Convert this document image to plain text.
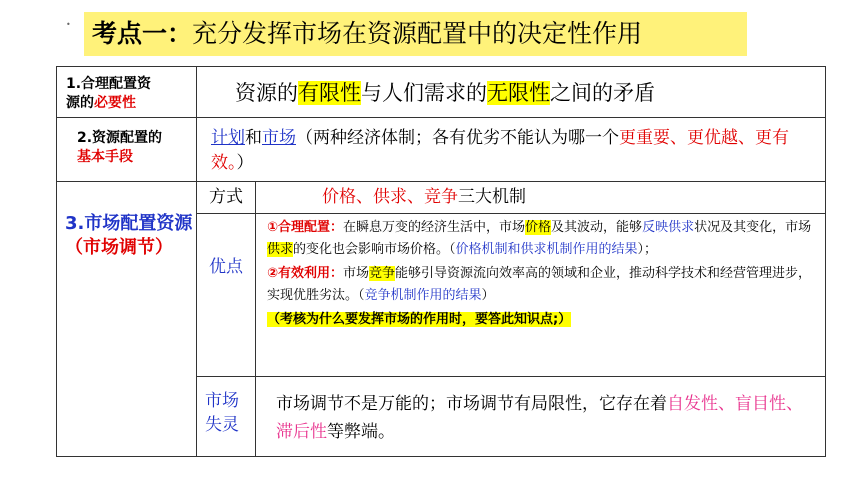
• 考点一：充分发挥市场在资源配置中的决定性作用
1.合理配置资
源的必要性	资源的有限性与人们需求的无限性之间的矛盾
2.资源配置的
基本手段
计划和市场（两种经济体制；各有优劣不能认为哪一个更重要、更优越、更有效。）
3.市场配置资源
（市场调节）
方式	价格、供求、竞争三大机制
优点
①合理配置：在瞬息万变的经济生活中，市场价格及其波动，能够反映供求状况及其变化，市场供求的变化也会影响市场价格。（价格机制和供求机制作用的结果）；
②有效利用：市场竞争能够引导资源流向效率高的领域和企业，推动科学技术和经营管理进步，实现优胜劣汰。（竞争机制作用的结果）
（考核为什么要发挥市场的作用时，要答此知识点;）
市场失灵
市场调节不是万能的；市场调节有局限性，它存在着自发性、盲目性、滞后性等弊端。
